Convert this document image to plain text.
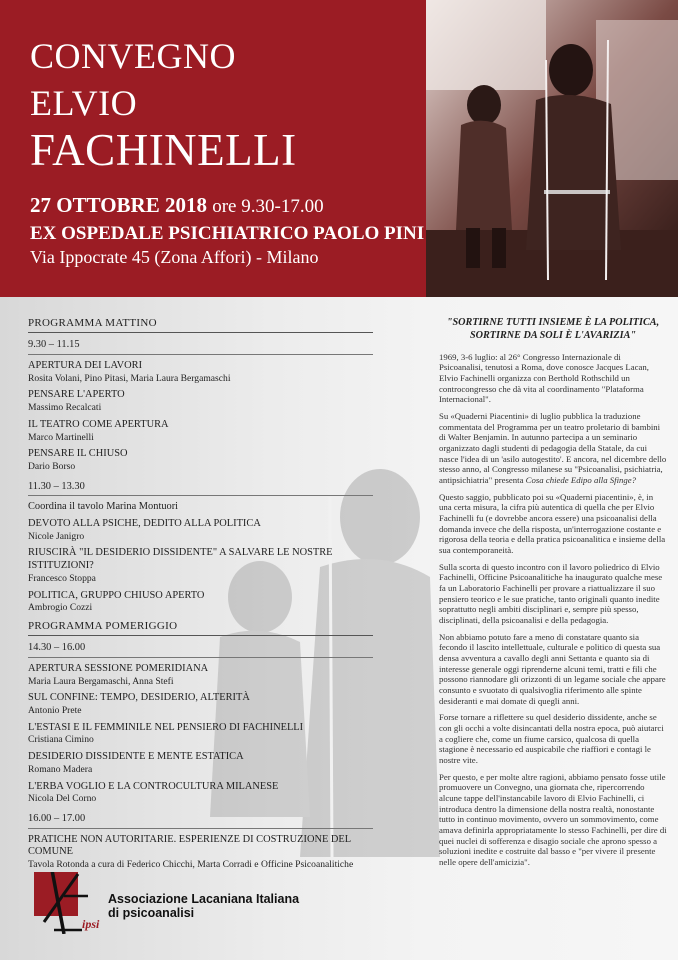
CONVEGNO
ELVIO
FACHINELLI
27 OTTOBRE 2018 ore 9.30-17.00
EX OSPEDALE PSICHIATRICO PAOLO PINI
Via Ippocrate 45 (Zona Affori) - Milano
PROGRAMMA MATTINO
9.30 – 11.15
APERTURA DEI LAVORI
Rosita Volani, Pino Pitasi, Maria Laura Bergamaschi
PENSARE L'APERTO
Massimo Recalcati
IL TEATRO COME APERTURA
Marco Martinelli
PENSARE IL CHIUSO
Dario Borso
11.30 – 13.30
Coordina il tavolo Marina Montuori
DEVOTO ALLA PSICHE, DEDITO ALLA POLITICA
Nicole Janigro
RIUSCIRÀ "IL DESIDERIO DISSIDENTE" A SALVARE LE NOSTRE ISTITUZIONI?
Francesco Stoppa
POLITICA, GRUPPO CHIUSO APERTO
Ambrogio Cozzi
PROGRAMMA POMERIGGIO
14.30 – 16.00
APERTURA SESSIONE POMERIDIANA
Maria Laura Bergamaschi, Anna Stefi
SUL CONFINE: TEMPO, DESIDERIO, ALTERITÀ
Antonio Prete
L'ESTASI E IL FEMMINILE NEL PENSIERO DI FACHINELLI
Cristiana Cimino
DESIDERIO DISSIDENTE E MENTE ESTATICA
Romano Madera
L'ERBA VOGLIO E LA CONTROCULTURA MILANESE
Nicola Del Corno
16.00 – 17.00
PRATICHE NON AUTORITARIE. ESPERIENZE DI COSTRUZIONE DEL COMUNE
Tavola Rotonda a cura di Federico Chicchi, Marta Corradi e Officine Psicoanalitiche
ipsi
Associazione Lacaniana Italiana
di psicoanalisi
"SORTIRNE TUTTI INSIEME È LA POLITICA, SORTIRNE DA SOLI È L'AVARIZIA"

1969, 3-6 luglio: al 26° Congresso Internazionale di Psicoanalisi, tenutosi a Roma, dove conosce Jacques Lacan, Elvio Fachinelli organizza con Berthold Rothschild un controcongresso che dà vita al coordinamento "Plataforma Internacional".

Su «Quaderni Piacentini» di luglio pubblica la traduzione commentata del Programma per un teatro proletario di bambini di Walter Benjamin. In autunno partecipa a un seminario organizzato dagli studenti di pedagogia della Statale, da cui nasce l'idea di un 'asilo autogestito'. E ancora, nel dicembre dello stesso anno, al Congresso milanese su "Psicoanalisi, psichiatria, antipsichiatria" presenta Cosa chiede Edipo alla Sfinge?

Questo saggio, pubblicato poi su «Quaderni piacentini», è, in una certa misura, la cifra più autentica di quella che per Elvio Fachinelli fu (e dovrebbe ancora essere) una psicoanalisi della domanda invece che della risposta, un'interrogazione costante e rigorosa della teoria e della pratica psicoanalitica e insieme della sua contemporaneità.

Sulla scorta di questo incontro con il lavoro poliedrico di Elvio Fachinelli, Officine Psicoanalitiche ha inaugurato qualche mese fa un Laboratorio Fachinelli per provare a riattualizzare il suo pensiero teorico e le sue pratiche, tanto originali quanto inedite soprattutto negli ambiti disciplinari e, sempre più spesso, disciplinati, della psicoanalisi e della pedagogia.

Non abbiamo potuto fare a meno di constatare quanto sia fecondo il lascito intellettuale, culturale e politico di questa sua densa avventura a cavallo degli anni Settanta e quanto sia di interesse generale oggi riprenderne alcuni temi, tratti e fili che possono riannodare gli orizzonti di un legame sociale che appare consunto e svuotato di qualsivoglia riferimento alle spinte desideranti e mai domate di quegli anni.

Forse tornare a riflettere su quel desiderio dissidente, anche se con gli occhi a volte disincantati della nostra epoca, può aiutarci a cogliere che, come un fiume carsico, qualcosa di quella stagione è necessario ed auspicabile che riaffiori e contagi le nostre vite.

Per questo, e per molte altre ragioni, abbiamo pensato fosse utile promuovere un Convegno, una giornata che, ripercorrendo alcune tappe dell'instancabile lavoro di Elvio Fachinelli, ci introduca dentro la dimensione della nostra realtà, nonostante tutto in continuo movimento, ovvero un sommovimento, come amava definirla appropriatamente lo stesso Fachinelli, per dire di quei nuclei di sofferenza e disagio sociale che aprono spesso a soluzioni inedite e costruite dal basso e "per vivere il presente nelle opere dell'amicizia".
